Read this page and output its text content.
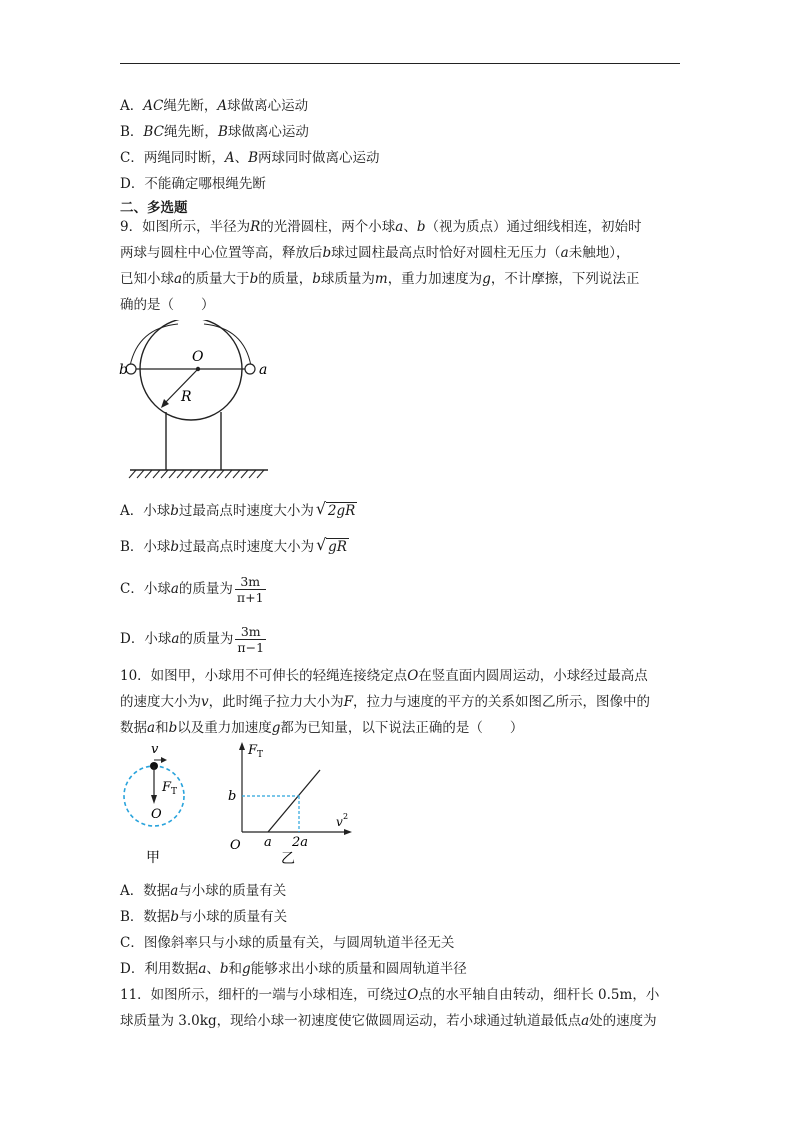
A．AC绳先断，A球做离心运动
B．BC绳先断，B球做离心运动
C．两绳同时断，A、B两球同时做离心运动
D．不能确定哪根绳先断
二、多选题
9．如图所示，半径为R的光滑圆柱，两个小球a、b（视为质点）通过细线相连，初始时
两球与圆柱中心位置等高，释放后b球过圆柱最高点时恰好对圆柱无压力（a未触地），
已知小球a的质量大于b的质量，b球质量为m，重力加速度为g，不计摩擦，下列说法正
确的是（　　）
b	a
O
R
A．小球b过最高点时速度大小为 √ 2gR
B．小球b过最高点时速度大小为 √ gR
C．小球a的质量为 $\frac{3m}{\pi+1}$
D．小球a的质量为 $\frac{3m}{\pi-1}$
10．如图甲，小球用不可伸长的轻绳连接绕定点O在竖直面内圆周运动，小球经过最高点
的速度大小为v，此时绳子拉力大小为F，拉力与速度的平方的关系如图乙所示，图像中的
数据a和b以及重力加速度g都为已知量，以下说法正确的是（　　）
v
F T
O
甲
F T
v 2
b
O a 2a
乙
A．数据a与小球的质量有关
B．数据b与小球的质量有关
C．图像斜率只与小球的质量有关，与圆周轨道半径无关
D．利用数据a、b和g能够求出小球的质量和圆周轨道半径
11．如图所示，细杆的一端与小球相连，可绕过O点的水平轴自由转动，细杆长 0.5m，小
球质量为 3.0kg，现给小球一初速度使它做圆周运动，若小球通过轨道最低点a处的速度为
